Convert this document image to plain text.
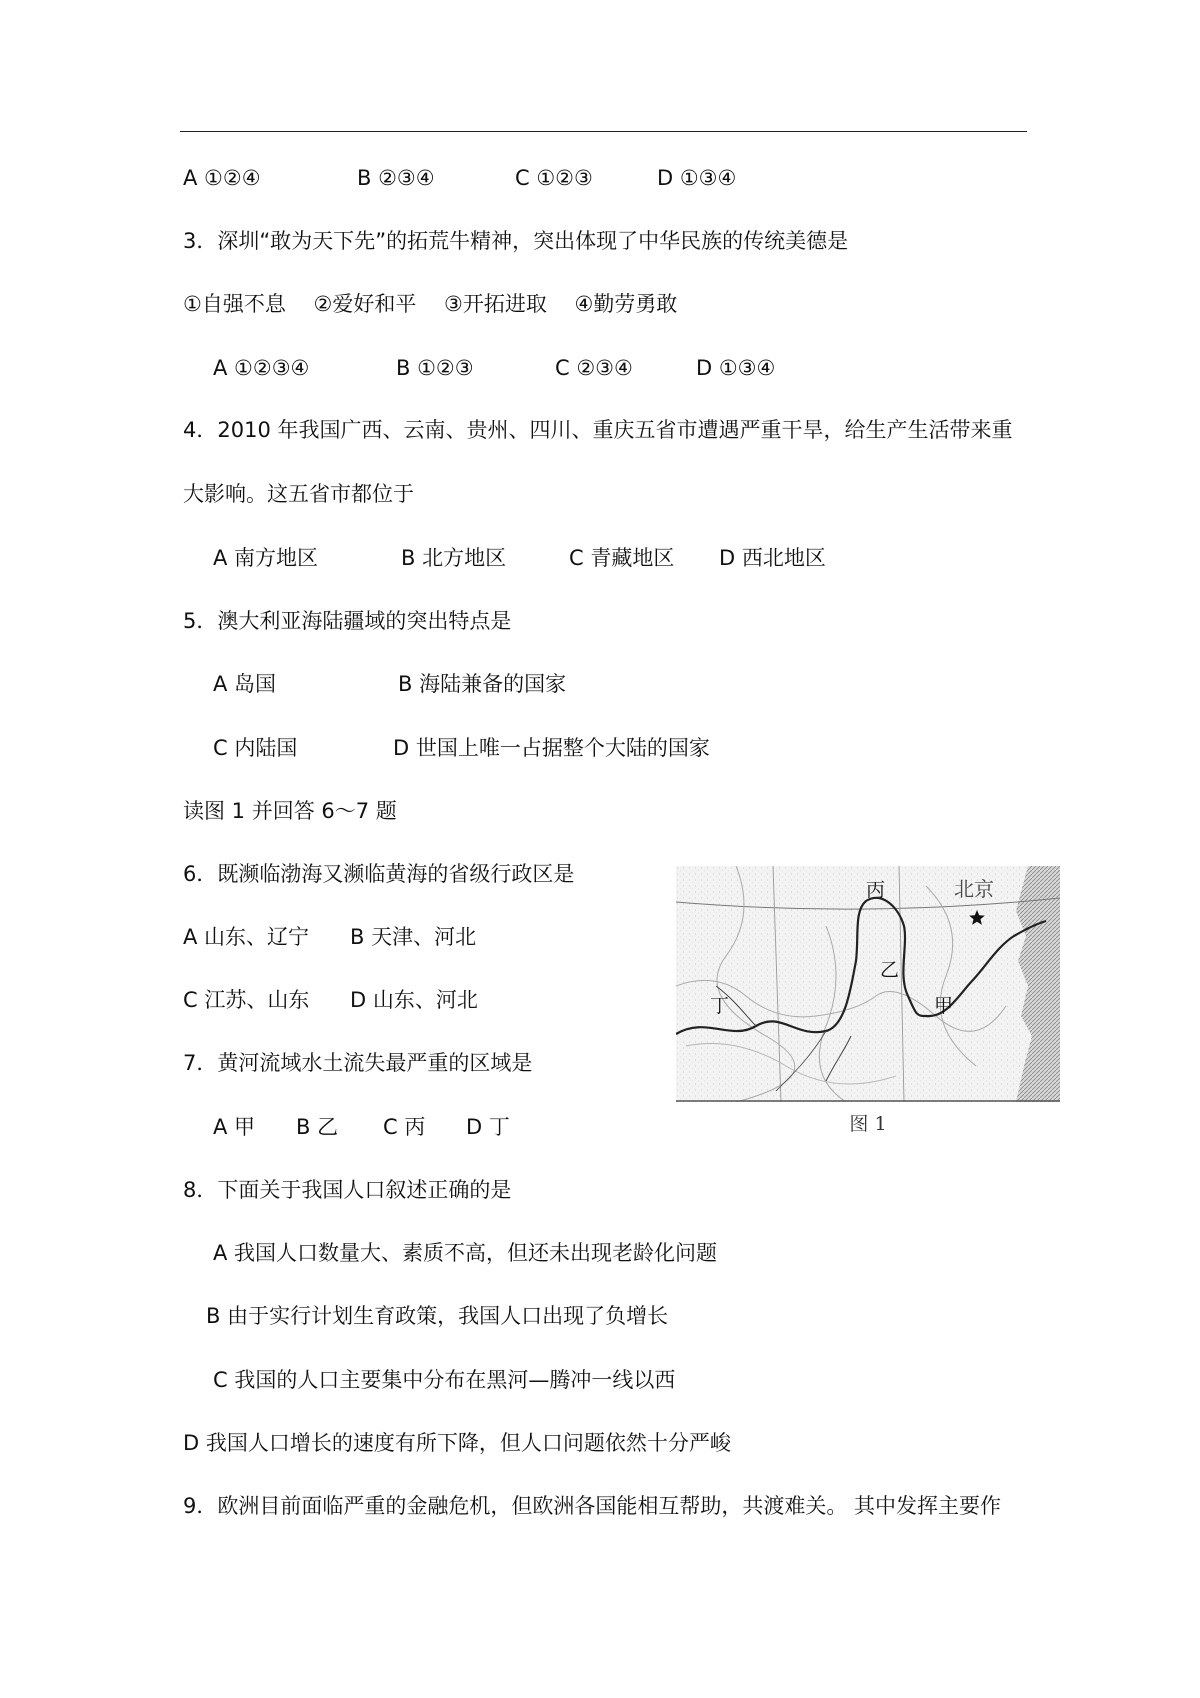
A ①②④	B ②③④	C ①②③	D ①③④
3．深圳“敢为天下先”的拓荒牛精神，突出体现了中华民族的传统美德是
①自强不息　 ②爱好和平　 ③开拓进取　 ④勤劳勇敢
A ①②③④	B ①②③	C ②③④	D ①③④
4．2010 年我国广西、云南、贵州、四川、重庆五省市遭遇严重干旱，给生产生活带来重
大影响。这五省市都位于
A 南方地区	B 北方地区	C 青藏地区 D 西北地区
5．澳大利亚海陆疆域的突出特点是
A 岛国	B 海陆兼备的国家
C 内陆国	D 世国上唯一占据整个大陆的国家
读图 1 并回答 6～7 题
6．既濒临渤海又濒临黄海的省级行政区是
A 山东、辽宁 B 天津、河北
C 江苏、山东 D 山东、河北
7．黄河流域水土流失最严重的区域是
A 甲 B 乙 C 丙 D 丁
丙	北京
乙
甲
丁
图 1
8．下面关于我国人口叙述正确的是
A 我国人口数量大、素质不高，但还未出现老龄化问题
B 由于实行计划生育政策，我国人口出现了负增长
C 我国的人口主要集中分布在黑河—腾冲一线以西
D 我国人口增长的速度有所下降，但人口问题依然十分严峻
9．欧洲目前面临严重的金融危机，但欧洲各国能相互帮助，共渡难关。 其中发挥主要作
